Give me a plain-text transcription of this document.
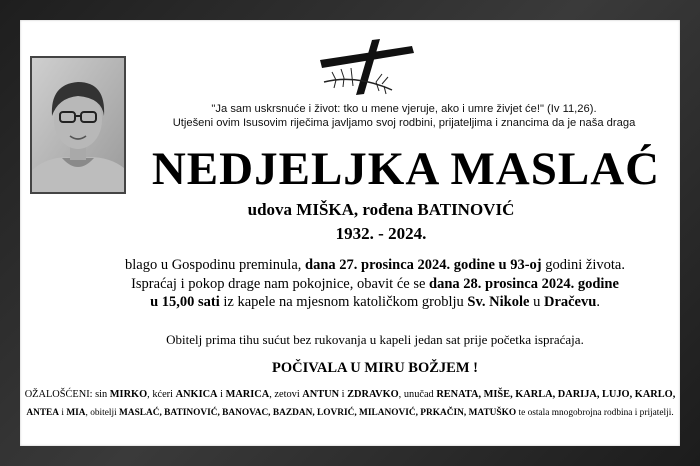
"Ja sam uskrsnuće i život: tko u mene vjeruje, ako i umre živjet će!" (Iv 11,26).
Utješeni ovim Isusovim riječima javljamo svoj rodbini, prijateljima i znancima da je naša draga
NEDJELJKA MASLAĆ
udova MIŠKA, rođena BATINOVIĆ
1932. - 2024.
blago u Gospodinu preminula, dana 27. prosinca 2024. godine u 93-oj godini života.
Ispraćaj i pokop drage nam pokojnice, obavit će se dana 28. prosinca 2024. godine
u 15,00 sati iz kapele na mjesnom katoličkom groblju Sv. Nikole u Dračevu.
Obitelj prima tihu sućut bez rukovanja u kapeli jedan sat prije početka ispraćaja.
POČIVALA U MIRU BOŽJEM !
OŽALOŠĆENI: sin MIRKO, kćeri ANKICA i MARICA, zetovi ANTUN i ZDRAVKO, unučad RENATA, MIŠE, KARLA, DARIJA, LUJO, KARLO,
ANTEA i MIA, obitelji MASLAĆ, BATINOVIĆ, BANOVAC, BAZDAN, LOVRIĆ, MILANOVIĆ, PRKAČIN, MATUŠKO te ostala mnogobrojna rodbina i prijatelji.
